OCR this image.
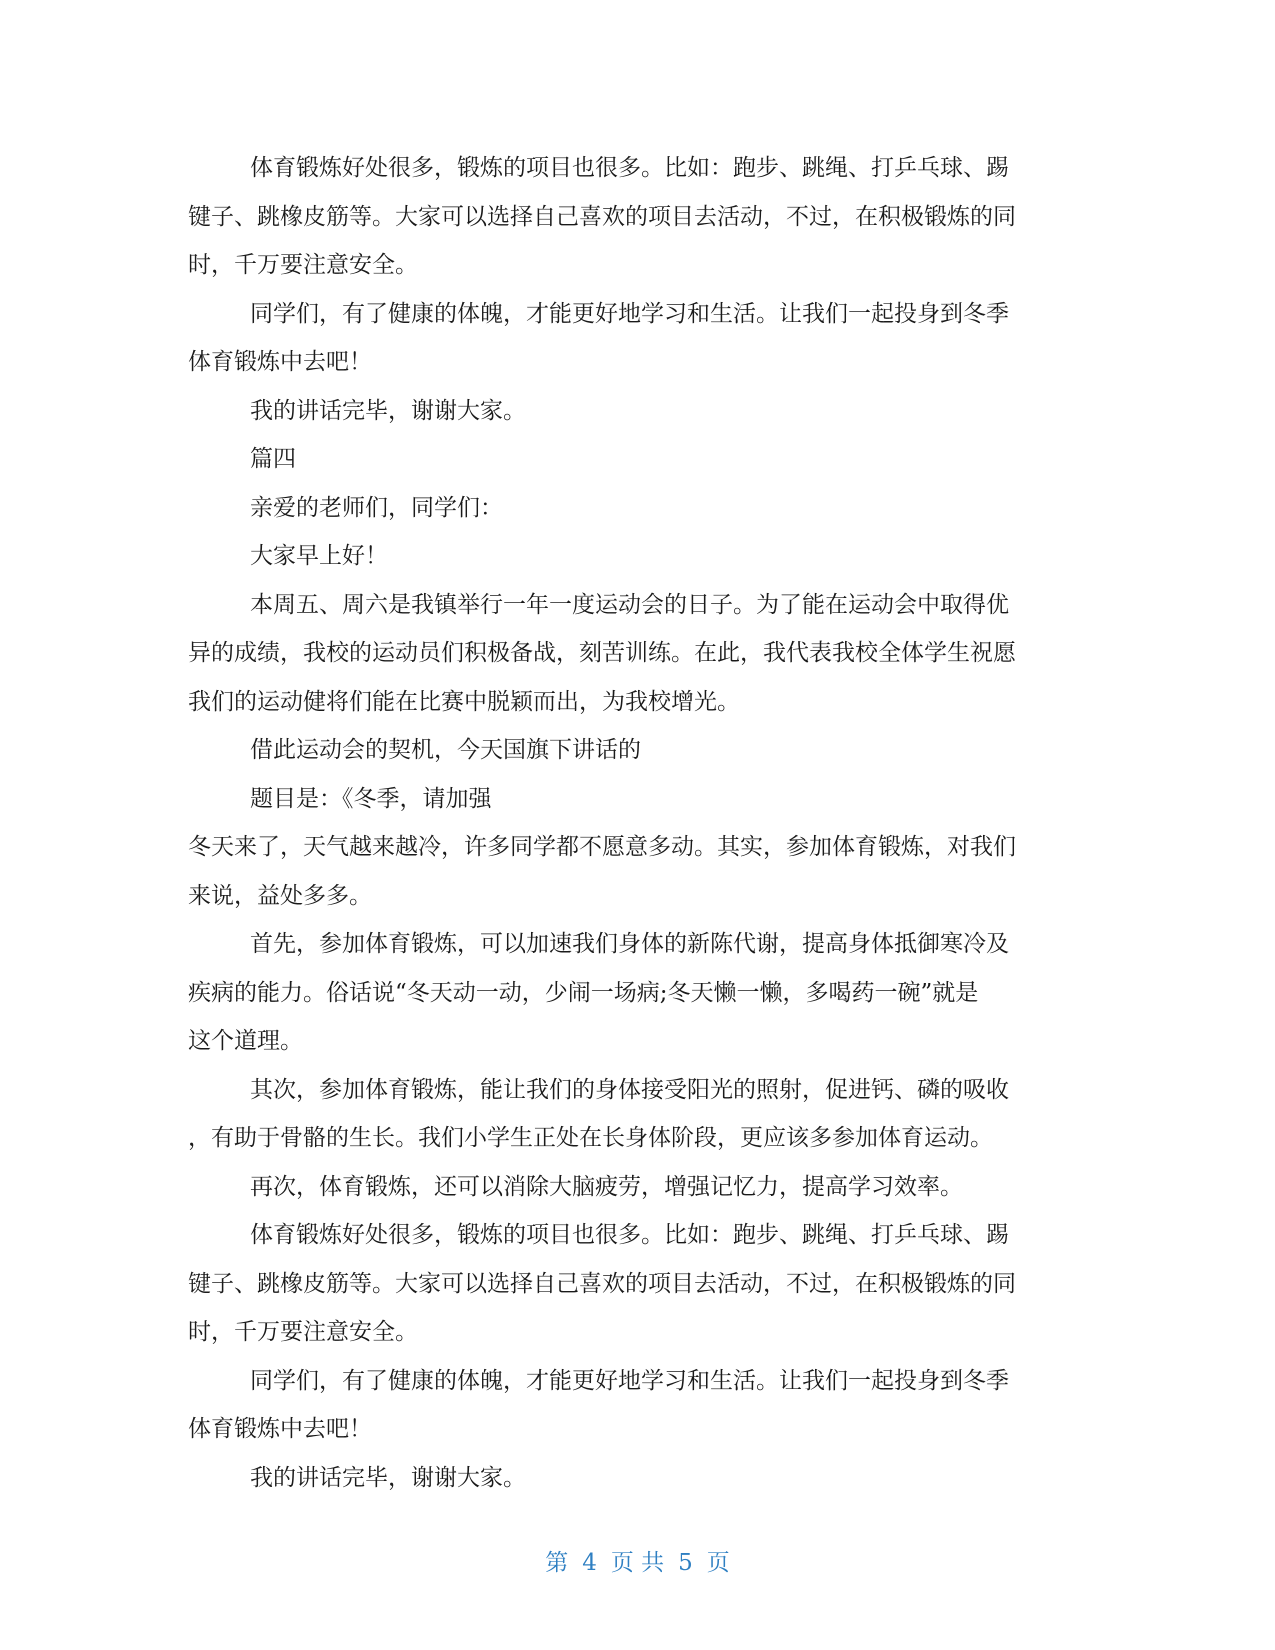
体育锻炼好处很多，锻炼的项目也很多。比如：跑步、跳绳、打乒乓球、踢

键子、跳橡皮筋等。大家可以选择自己喜欢的项目去活动，不过，在积极锻炼的同

时，千万要注意安全。

同学们，有了健康的体魄，才能更好地学习和生活。让我们一起投身到冬季

体育锻炼中去吧！

我的讲话完毕，谢谢大家。

篇四

亲爱的老师们，同学们：

大家早上好！

本周五、周六是我镇举行一年一度运动会的日子。为了能在运动会中取得优

异的成绩，我校的运动员们积极备战，刻苦训练。在此，我代表我校全体学生祝愿

我们的运动健将们能在比赛中脱颖而出，为我校增光。

借此运动会的契机，今天国旗下讲话的

题目是：《冬季，请加强

冬天来了，天气越来越冷，许多同学都不愿意多动。其实，参加体育锻炼，对我们

来说，益处多多。

首先，参加体育锻炼，可以加速我们身体的新陈代谢，提高身体抵御寒冷及

疾病的能力。俗话说“冬天动一动，少闹一场病;冬天懒一懒，多喝药一碗”就是

这个道理。

其次，参加体育锻炼，能让我们的身体接受阳光的照射，促进钙、磷的吸收

，有助于骨骼的生长。我们小学生正处在长身体阶段，更应该多参加体育运动。

再次，体育锻炼，还可以消除大脑疲劳，增强记忆力，提高学习效率。

体育锻炼好处很多，锻炼的项目也很多。比如：跑步、跳绳、打乒乓球、踢

键子、跳橡皮筋等。大家可以选择自己喜欢的项目去活动，不过，在积极锻炼的同

时，千万要注意安全。

同学们，有了健康的体魄，才能更好地学习和生活。让我们一起投身到冬季

体育锻炼中去吧！

我的讲话完毕，谢谢大家。

第 4 页 共 5 页
